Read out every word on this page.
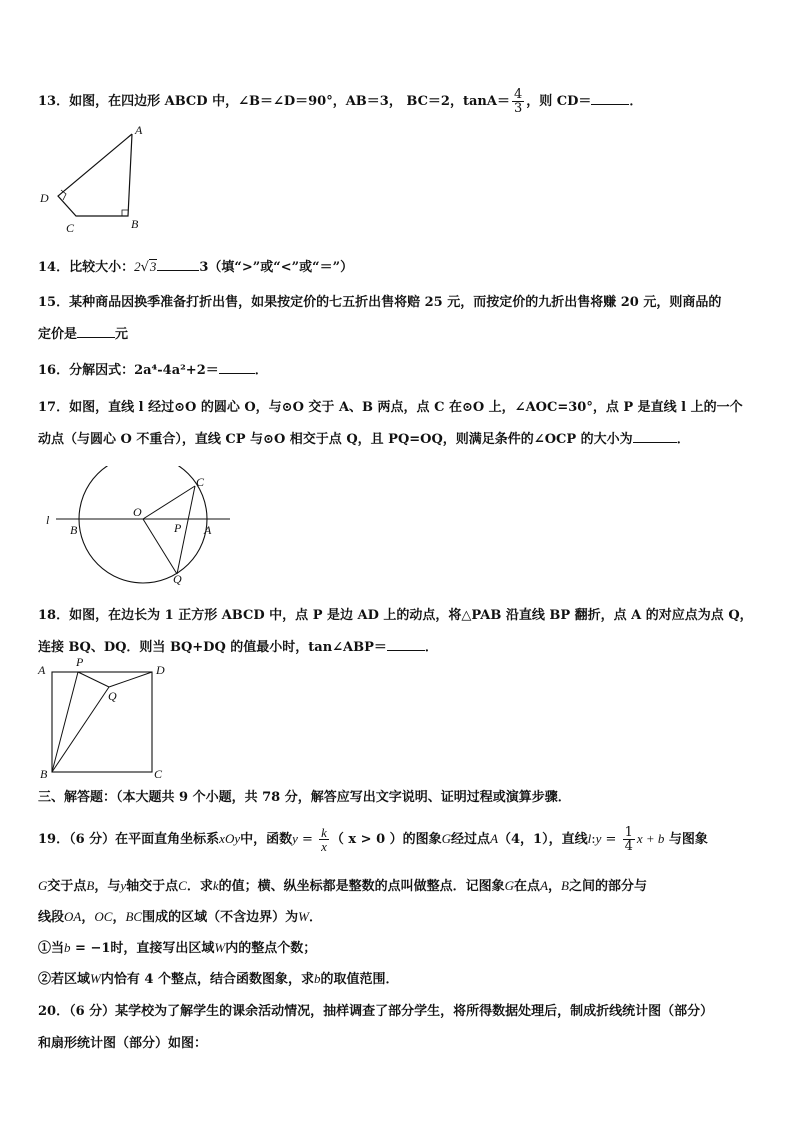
13．如图，在四边形 ABCD 中，∠B＝∠D＝90°，AB＝3， BC＝2，$\tan A= \frac{4}{3}$ ，则 CD＝	．
A
B
C
D
14．比较大小：2√3	3（填“>”或“<”或“＝”）
15．某种商品因换季准备打折出售，如果按定价的七五折出售将赔 25 元，而按定价的九折出售将赚 20 元，则商品的
定价是	元
16．分解因式：2a⁴-4a²+2＝	．
17．如图，直线 l 经过⊙O 的圆心 O，与⊙O 交于 A、B 两点，点 C 在⊙O 上，∠AOC=30°，点 P 是直线 l 上的一个
动点（与圆心 O 不重合），直线 CP 与⊙O 相交于点 Q，且 PQ=OQ，则满足条件的∠OCP 的大小为	．
l
B
O
P A
C
Q
18．如图，在边长为 1 正方形 ABCD 中，点 P 是边 AD 上的动点，将△PAB 沿直线 BP 翻折，点 A 的对应点为点 Q，
连接 BQ、DQ．则当 BQ+DQ 的值最小时，tan∠ABP＝	．
A
P
D
Q
B	C
三、解答题：（本大题共 9 个小题，共 78 分，解答应写出文字说明、证明过程或演算步骤．
19．（6 分）在平面直角坐标系xOy中，函数$y = \frac{k}{x}$ （ x > 0 ）的图象G经过点A（4，1），直线l:y = $\frac{1}{4}$ x + b 与图象
G交于点B，与y轴交于点C．求k的值；横、纵坐标都是整数的点叫做整点．记图象G在点A，B之间的部分与
线段OA，OC，BC围成的区域（不含边界）为W．
①当b = −1时，直接写出区域W内的整点个数；
②若区域W内恰有 4 个整点，结合函数图象，求b的取值范围．
20．（6 分）某学校为了解学生的课余活动情况，抽样调查了部分学生，将所得数据处理后，制成折线统计图（部分）
和扇形统计图（部分）如图：
